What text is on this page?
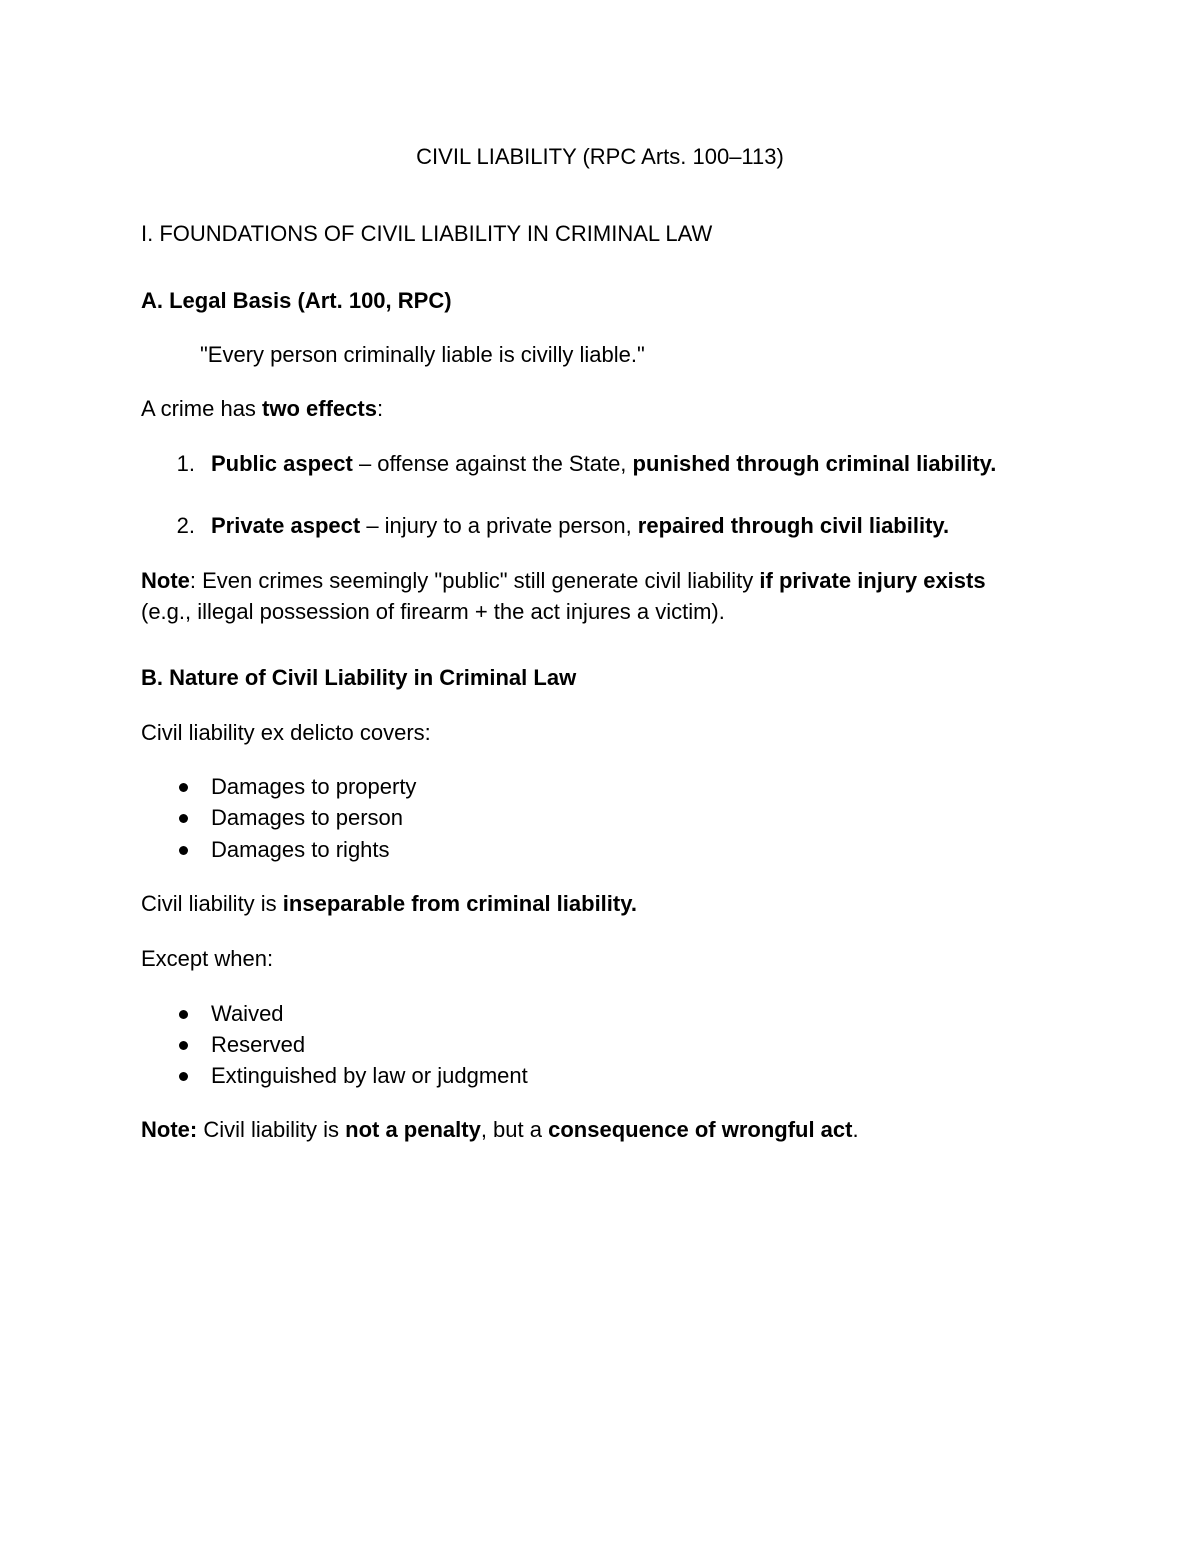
CIVIL LIABILITY (RPC Arts. 100–113)
I. FOUNDATIONS OF CIVIL LIABILITY IN CRIMINAL LAW
A. Legal Basis (Art. 100, RPC)
"Every person criminally liable is civilly liable."
A crime has two effects:
1. Public aspect – offense against the State, punished through criminal liability.
2. Private aspect – injury to a private person, repaired through civil liability.
Note: Even crimes seemingly "public" still generate civil liability if private injury exists
(e.g., illegal possession of firearm + the act injures a victim).
B. Nature of Civil Liability in Criminal Law
Civil liability ex delicto covers:
Damages to property
Damages to person
Damages to rights
Civil liability is inseparable from criminal liability.
Except when:
Waived
Reserved
Extinguished by law or judgment
Note: Civil liability is not a penalty, but a consequence of wrongful act.
